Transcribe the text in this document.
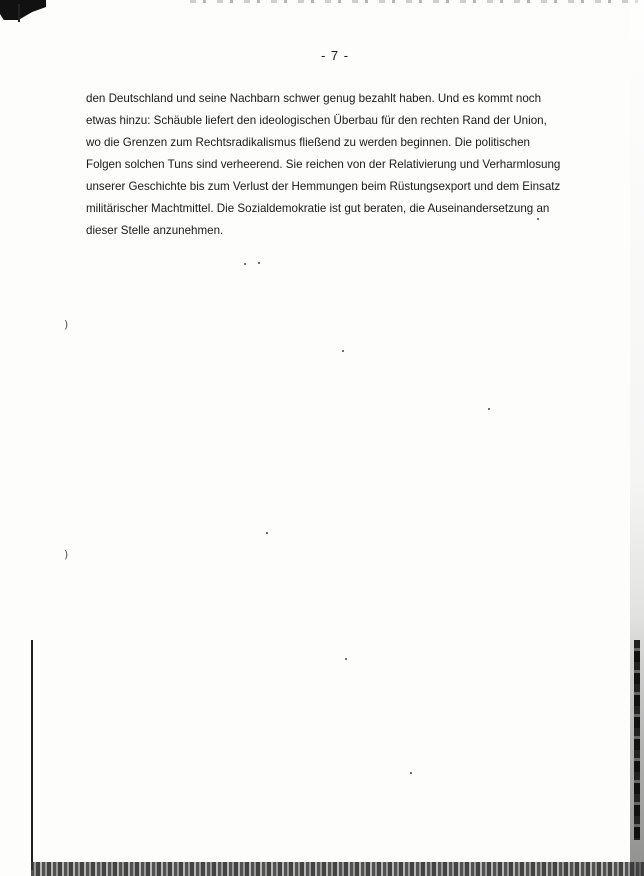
)
)
- 7 -

den Deutschland und seine Nachbarn schwer genug bezahlt haben. Und es kommt noch
etwas hinzu: Schäuble liefert den ideologischen Überbau für den rechten Rand der Union,
wo die Grenzen zum Rechtsradikalismus fließend zu werden beginnen. Die politischen
Folgen solchen Tuns sind verheerend. Sie reichen von der Relativierung und Verharmlosung
unserer Geschichte bis zum Verlust der Hemmungen beim Rüstungsexport und dem Einsatz
militärischer Machtmittel. Die Sozialdemokratie ist gut beraten, die Auseinandersetzung an
dieser Stelle anzunehmen.
